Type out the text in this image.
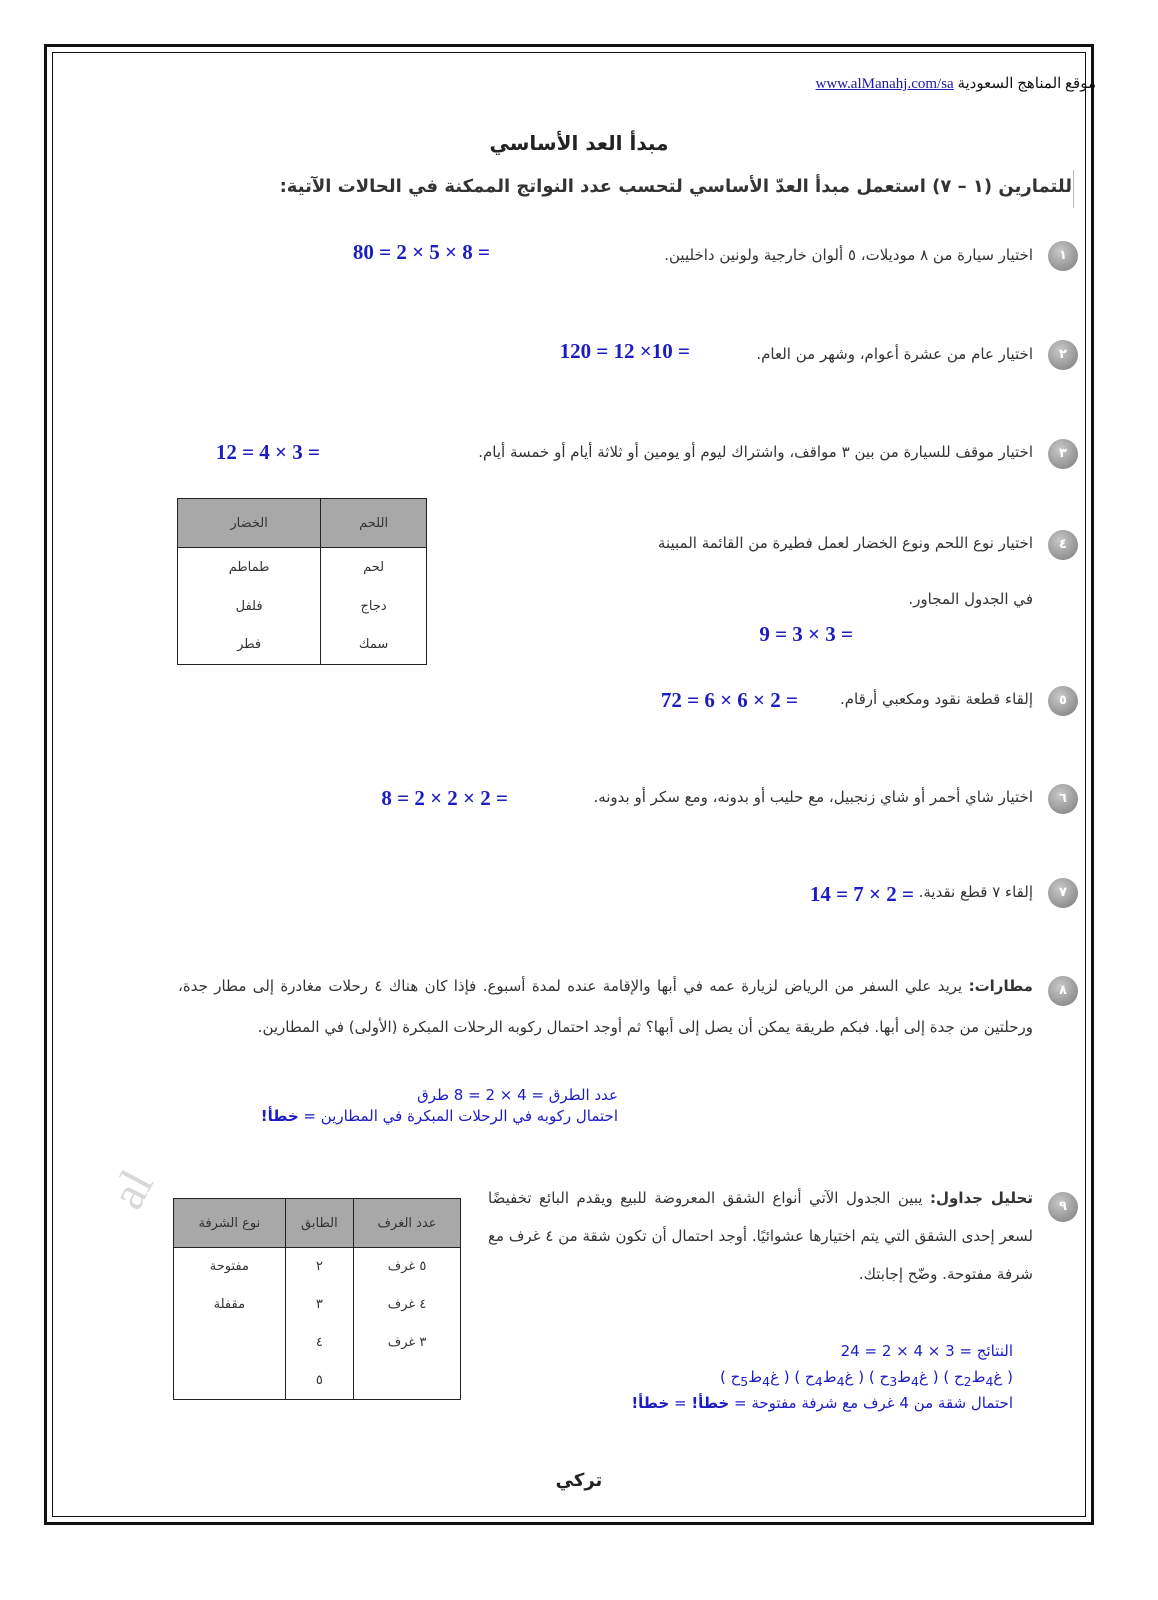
al
www.alManahj.com/sa موقع المناهج السعودية
مبدأ العد الأساسي
للتمارين (١ – ٧) استعمل مبدأ العدّ الأساسي لتحسب عدد النواتج الممكنة في الحالات الآتية:
١
اختيار سيارة من ٨ موديلات، ٥ ألوان خارجية ولونين داخليين.
80 = 2 × 5 × 8 =
٢
اختيار عام من عشرة أعوام، وشهر من العام.
120 = 12 ×10 =
٣
اختيار موقف للسيارة من بين ٣ مواقف، واشتراك ليوم أو يومين أو ثلاثة أيام أو خمسة أيام.
12 = 4 × 3 =
٤
اختيار نوع اللحم ونوع الخضار لعمل فطيرة من القائمة المبينة
في الجدول المجاور.
9 = 3 × 3 =
اللحم	الخضار
لحم	طماطم
دجاج	فلفل
سمك	فطر
٥
إلقاء قطعة نقود ومكعبي أرقام.
72 = 6 × 6 × 2 =
٦
اختيار شاي أحمر أو شاي زنجبيل، مع حليب أو بدونه، ومع سكر أو بدونه.
8 = 2 × 2 × 2 =
٧
إلقاء ٧ قطع نقدية.
14 = 7 × 2 =
٨
مطارات: يريد علي السفر من الرياض لزيارة عمه في أبها والإقامة عنده لمدة أسبوع. فإذا كان هناك ٤ رحلات مغادرة إلى مطار جدة، ورحلتين من جدة إلى أبها. فبكم طريقة يمكن أن يصل إلى أبها؟ ثم أوجد احتمال ركوبه الرحلات المبكرة (الأولى) في المطارين.
عدد الطرق = 4 × 2 = 8 طرق
احتمال ركوبه في الرحلات المبكرة في المطارين = خطأ!
٩
تحليل جداول: يبين الجدول الآتي أنواع الشقق المعروضة للبيع ويقدم البائع تخفيضًا لسعر إحدى الشقق التي يتم اختيارها عشوائيًا. أوجد احتمال أن تكون شقة من ٤ غرف مع شرفة مفتوحة. وضّح إجابتك.
النتائج = 3 × 4 × 2 = 24
( غ$_4$ط$_2$ح ) ( غ$_4$ط$_3$ح ) ( غ$_4$ط$_4$ح ) ( غ$_4$ط$_5$ح )
احتمال شقة من 4 غرف مع شرفة مفتوحة = خطأ! = خطأ!
عدد الغرف	الطابق	نوع الشرفة
٥ غرف	٢	مفتوحة
٤ غرف	٣	مقفلة
٣ غرف	٤	
	٥	
تركي
